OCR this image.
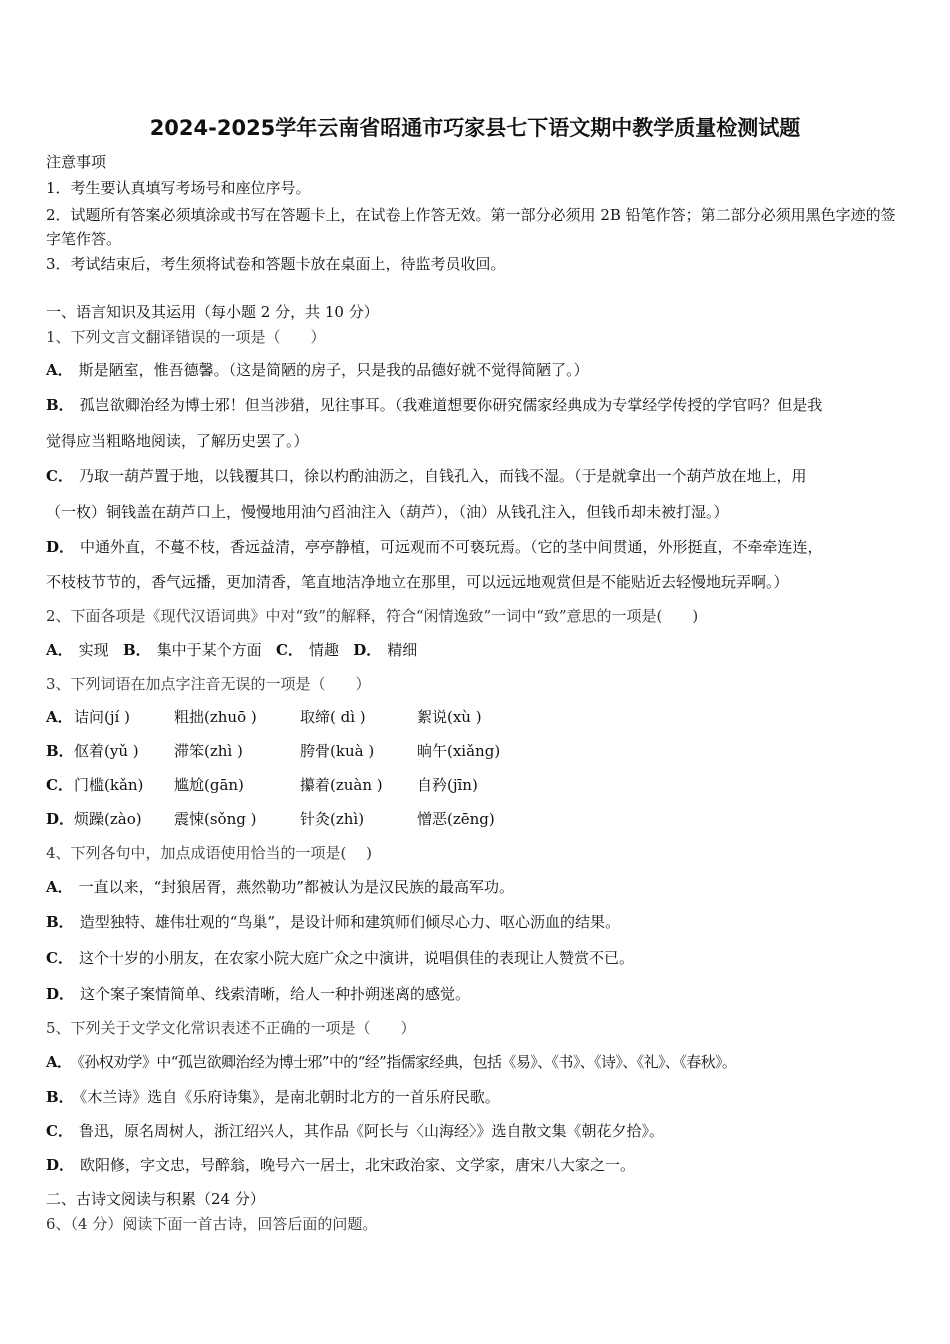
2024-2025学年云南省昭通市巧家县七下语文期中教学质量检测试题
注意事项
1．考生要认真填写考场号和座位序号。
2．试题所有答案必须填涂或书写在答题卡上，在试卷上作答无效。第一部分必须用 2B 铅笔作答；第二部分必须用黑色字迹的签字笔作答。
3．考试结束后，考生须将试卷和答题卡放在桌面上，待监考员收回。
一、语言知识及其运用（每小题 2 分，共 10 分）
1、下列文言文翻译错误的一项是（　　）
A． 斯是陋室，惟吾德馨。（这是简陋的房子，只是我的品德好就不觉得简陋了。）
B． 孤岂欲卿治经为博士邪！但当涉猎，见往事耳。（我难道想要你研究儒家经典成为专掌经学传授的学官吗？但是我
觉得应当粗略地阅读，了解历史罢了。）
C． 乃取一葫芦置于地，以钱覆其口，徐以杓酌油沥之，自钱孔入，而钱不湿。（于是就拿出一个葫芦放在地上，用
（一枚）铜钱盖在葫芦口上，慢慢地用油勺舀油注入（葫芦），（油）从钱孔注入，但钱币却未被打湿。）
D． 中通外直，不蔓不枝，香远益清，亭亭静植，可远观而不可亵玩焉。（它的茎中间贯通，外形挺直，不牵牵连连，
不枝枝节节的，香气远播，更加清香，笔直地洁净地立在那里，可以远远地观赏但是不能贴近去轻慢地玩弄啊。）
2、下面各项是《现代汉语词典》中对“致”的解释，符合“闲情逸致”一词中“致”意思的一项是(　　)
A． 实现 B． 集中于某个方面 C． 情趣 D． 精细
3、下列词语在加点字注音无误的一项是（　　）
A． 诘问(jí )	粗拙(zhuō )	取缔( dì )	絮说(xù )
B． 伛着(yǔ ) 滞笨(zhì )	胯骨(kuà )	晌午(xiǎng)
C． 门槛(kǎn) 尴尬(gān)	攥着(zuàn ) 自矜(jīn)
D． 烦躁(zào) 震悚(sǒng )	针灸(zhì)	憎恶(zēng)
4、下列各句中，加点成语使用恰当的一项是(　 )
A． 一直以来，“封狼居胥，燕然勒功”都被认为是汉民族的最高军功。
B． 造型独特、雄伟壮观的“鸟巢”，是设计师和建筑师们倾尽心力、呕心沥血的结果。
C． 这个十岁的小朋友，在农家小院大庭广众之中演讲，说唱俱佳的表现让人赞赏不已。
D． 这个案子案情简单、线索清晰，给人一种扑朔迷离的感觉。
5、下列关于文学文化常识表述不正确的一项是（　　）
A． 《孙权劝学》中“孤岂欲卿治经为博士邪”中的“经”指儒家经典，包括《易》、《书》、《诗》、《礼》、《春秋》。
B． 《木兰诗》选自《乐府诗集》，是南北朝时北方的一首乐府民歌。
C． 鲁迅，原名周树人，浙江绍兴人，其作品《阿长与〈山海经〉》选自散文集《朝花夕拾》。
D． 欧阳修，字文忠，号醉翁，晚号六一居士，北宋政治家、文学家，唐宋八大家之一。
二、古诗文阅读与积累（24 分）
6、（4 分）阅读下面一首古诗，回答后面的问题。
